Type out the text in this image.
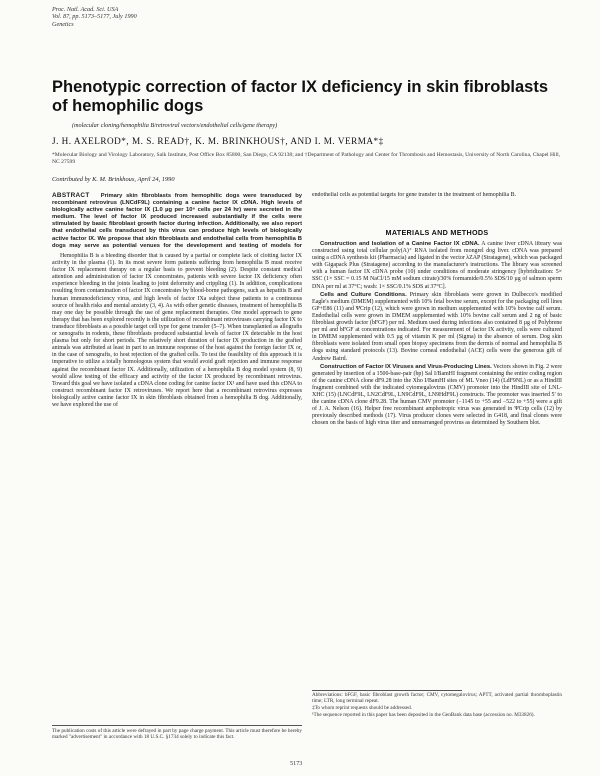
Proc. Natl. Acad. Sci. USA
Vol. 87, pp. 5173–5177, July 1990
Genetics
Phenotypic correction of factor IX deficiency in skin fibroblasts of hemophilic dogs
(molecular cloning/hemophilia B/retroviral vectors/endothelial cells/gene therapy)
J. H. AXELROD*, M. S. READ†, K. M. BRINKHOUS†, AND I. M. VERMA*‡
*Molecular Biology and Virology Laboratory, Salk Institute, Post Office Box 85800, San Diego, CA 92138; and †Department of Pathology and Center for Thrombosis and Hemostasis, University of North Carolina, Chapel Hill, NC 27599
Contributed by K. M. Brinkhous, April 24, 1990
ABSTRACT Primary skin fibroblasts from hemophilic dogs were transduced by recombinant retrovirus (LNCdF9L) containing a canine factor IX cDNA. High levels of biologically active canine factor IX (1.0 µg per 10⁶ cells per 24 hr) were secreted in the medium. The level of factor IX produced increased substantially if the cells were stimulated by basic fibroblast growth factor during infection. Additionally, we also report that endothelial cells transduced by this virus can produce high levels of biologically active factor IX. We propose that skin fibroblasts and endothelial cells from hemophilia B dogs may serve as potential venues for the development and testing of models for

Hemophilia B is a bleeding disorder that is caused by a partial or complete lack of clotting factor IX activity in the plasma (1). In its most severe form patients suffering from hemophilia B must receive factor IX replacement therapy on a regular basis to prevent bleeding (2). Despite constant medical attention and administration of factor IX concentrates, patients with severe factor IX deficiency often experience bleeding in the joints leading to joint deformity and crippling (1). In addition, complications resulting from contamination of factor IX concentrates by blood-borne pathogens, such as hepatitis B and human immunodeficiency virus, and high levels of factor IXa subject these patients to a continuous source of health risks and mental anxiety (3, 4). As with other genetic diseases, treatment of hemophilia B may one day be possible through the use of gene replacement therapies. One model approach to gene therapy that has been explored recently is the utilization of recombinant retroviruses carrying factor IX to transduce fibroblasts as a possible target cell type for gene transfer (5–7). When transplanted as allografts or xenografts in rodents, these fibroblasts produced substantial levels of factor IX detectable in the host plasma but only for short periods. The relatively short duration of factor IX production in the grafted animals was attributed at least in part to an immune response of the host against the foreign factor IX or, in the case of xenografts, to host rejection of the grafted cells. To test the feasibility of this approach it is imperative to utilize a totally homologous system that would avoid graft rejection and immune response against the recombinant factor IX. Additionally, utilization of a hemophilia B dog model system (8, 9) would allow testing of the efficacy and activity of the factor IX produced by recombinant retrovirus. Toward this goal we have isolated a cDNA clone coding for canine factor IX¹ and have used this cDNA to construct recombinant factor IX retroviruses. We report here that a recombinant retrovirus expresses biologically active canine factor IX in skin fibroblasts obtained from a hemophilia B dog. Additionally, we have explored the use of

endothelial cells as potential targets for gene transfer in the treatment of hemophilia B.

MATERIALS AND METHODS

Construction and Isolation of a Canine Factor IX cDNA. A canine liver cDNA library was constructed using total cellular poly(A)⁺ RNA isolated from mongrel dog liver. cDNA was prepared using a cDNA synthesis kit (Pharmacia) and ligated in the vector λZAP (Stratagene), which was packaged with Gigapack Plus (Stratagene) according to the manufacturer's instructions. The library was screened with a human factor IX cDNA probe (10) under conditions of moderate stringency [hybridization: 5× SSC (1× SSC = 0.15 M NaCl/15 mM sodium citrate)/30% formamide/0.5% SDS/10 µg of salmon sperm DNA per ml at 37°C; wash: 1× SSC/0.1% SDS at 37°C].

Cells and Culture Conditions. Primary skin fibroblasts were grown in Dulbecco's modified Eagle's medium (DMEM) supplemented with 10% fetal bovine serum, except for the packaging cell lines GP+E86 (11) and ΨCrip (12), which were grown in medium supplemented with 10% bovine calf serum. Endothelial cells were grown in DMEM supplemented with 10% bovine calf serum and 2 ng of basic fibroblast growth factor (bFGF) per ml. Medium used during infections also contained 8 µg of Polybrene per ml and bFGF at concentrations indicated. For measurement of factor IX activity, cells were cultured in DMEM supplemented with 0.5 µg of vitamin K per ml (Sigma) in the absence of serum. Dog skin fibroblasts were isolated from small open biopsy specimens from the dermis of normal and hemophilia B dogs using standard protocols (13). Bovine corneal endothelial (ACE) cells were the generous gift of Andrew Baird.

Construction of Factor IX Viruses and Virus-Producing Lines. Vectors shown in Fig. 2 were generated by insertion of a 1500-base-pair (bp) Sal I/BamHI fragment containing the entire coding region of the canine cDNA clone dF9.28 into the Xho I/BamHI sites of ML Vneo (14) (LdF9NL) or as a HindIII fragment combined with the indicated cytomegalovirus (CMV) promoter into the HindIII site of LNL-XHC (15) (LNCdF9L, LN2CdF9L, LN9CdF9L, LN9HdF9L) constructs. The promoter was inserted 5′ to the canine cDNA clone dF9.28. The human CMV promoter (−1145 to +55 and −522 to +55) were a gift of J. A. Nelson (16). Helper free recombinant amphotropic virus was generated in ΨCrip cells (12) by previously described methods (17). Virus producer clones were selected in G418, and final clones were chosen on the basis of high virus titer and unrearranged provirus as determined by Southern blot.

The publication costs of this article were defrayed in part by page charge payment. This article must therefore be hereby marked "advertisement" in accordance with 18 U.S.C. §1734 solely to indicate this fact.
Abbreviations: bFGF, basic fibroblast growth factor; CMV, cytomegalovirus; APTT, activated partial thromboplastin time; LTR, long terminal repeat.
‡To whom reprint requests should be addressed.
¹The sequence reported in this paper has been deposited in the GenBank data base (accession no. M33826).
5173
